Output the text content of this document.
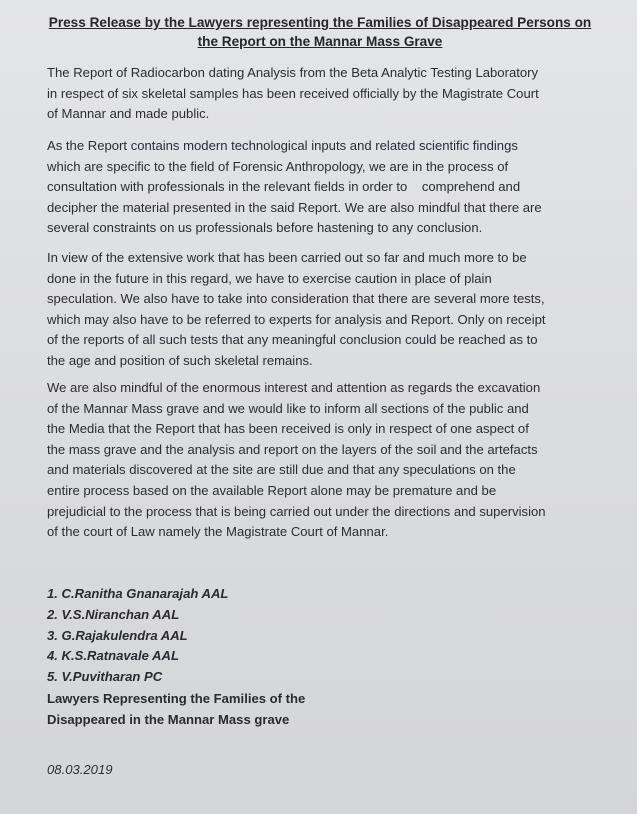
Press Release by the Lawyers representing the Families of Disappeared Persons on
the Report on the Mannar Mass Grave
The Report of Radiocarbon dating Analysis from the Beta Analytic Testing Laboratory
in respect of six skeletal samples has been received officially by the Magistrate Court
of Mannar and made public.
As the Report contains modern technological inputs and related scientific findings
which are specific to the field of Forensic Anthropology, we are in the process of
consultation with professionals in the relevant fields in order to    comprehend and
decipher the material presented in the said Report. We are also mindful that there are
several constraints on us professionals before hastening to any conclusion.
In view of the extensive work that has been carried out so far and much more to be
done in the future in this regard, we have to exercise caution in place of plain
speculation. We also have to take into consideration that there are several more tests,
which may also have to be referred to experts for analysis and Report. Only on receipt
of the reports of all such tests that any meaningful conclusion could be reached as to
the age and position of such skeletal remains.
We are also mindful of the enormous interest and attention as regards the excavation
of the Mannar Mass grave and we would like to inform all sections of the public and
the Media that the Report that has been received is only in respect of one aspect of
the mass grave and the analysis and report on the layers of the soil and the artefacts
and materials discovered at the site are still due and that any speculations on the
entire process based on the available Report alone may be premature and be
prejudicial to the process that is being carried out under the directions and supervision
of the court of Law namely the Magistrate Court of Mannar.
1. C.Ranitha Gnanarajah AAL
2. V.S.Niranchan AAL
3. G.Rajakulendra AAL
4. K.S.Ratnavale AAL
5. V.Puvitharan PC
Lawyers Representing the Families of the
Disappeared in the Mannar Mass grave
08.03.2019
